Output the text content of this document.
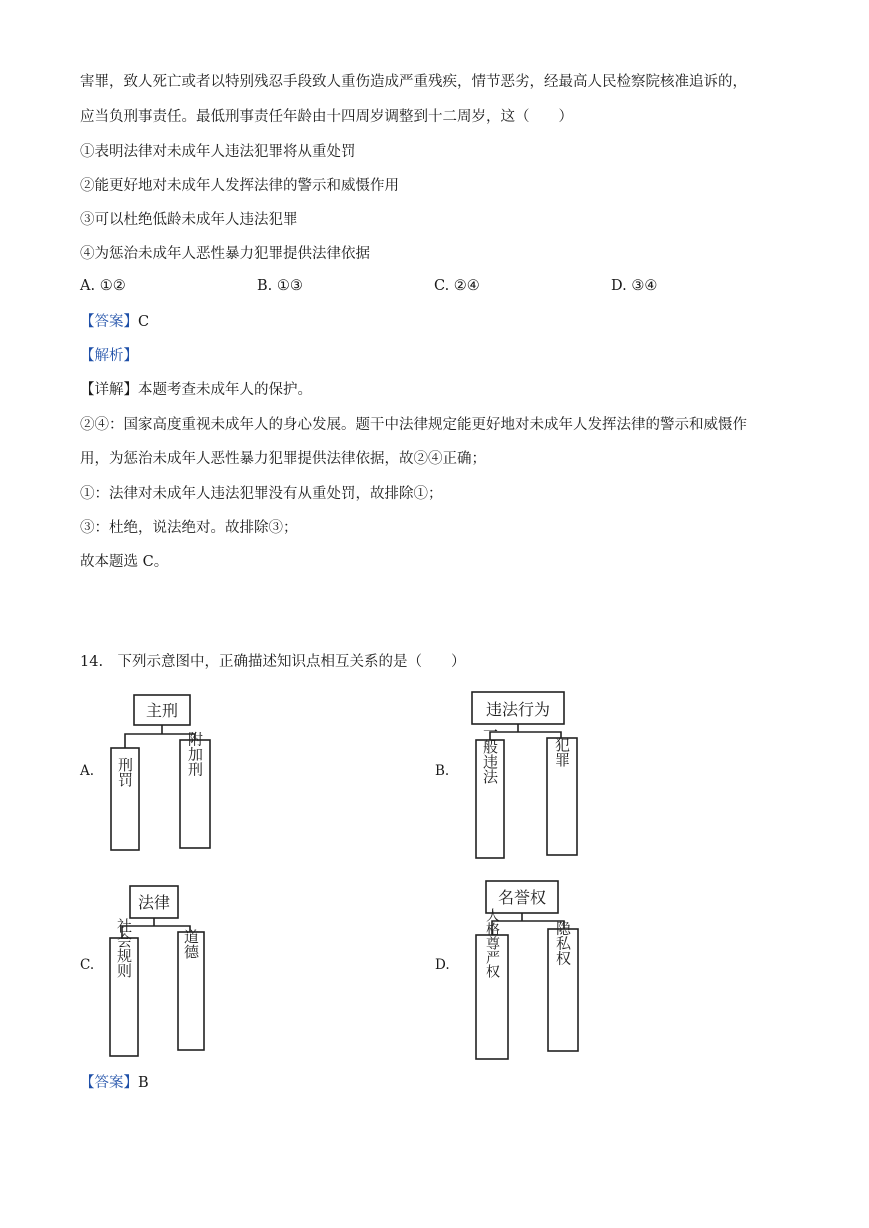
害罪，致人死亡或者以特别残忍手段致人重伤造成严重残疾，情节恶劣，经最高人民检察院核准追诉的，
应当负刑事责任。最低刑事责任年龄由十四周岁调整到十二周岁，这（　　）
①表明法律对未成年人违法犯罪将从重处罚
②能更好地对未成年人发挥法律的警示和威慑作用
③可以杜绝低龄未成年人违法犯罪
④为惩治未成年人恶性暴力犯罪提供法律依据
A. ①②	B. ①③	C. ②④	D. ③④
【答案】C
【解析】
【详解】本题考查未成年人的保护。
②④：国家高度重视未成年人的身心发展。题干中法律规定能更好地对未成年人发挥法律的警示和威慑作
用，为惩治未成年人恶性暴力犯罪提供法律依据，故②④正确；
①：法律对未成年人违法犯罪没有从重处罚，故排除①；
③：杜绝，说法绝对。故排除③；
故本题选 C。
14.　下列示意图中，正确描述知识点相互关系的是（　　）
A.
主刑
刑罚	附加刑	B.
违法行为
一般违法	犯罪
C.
法律
社会规则	道德
D.
名誉权
人格尊严权	隐私权
【答案】B
